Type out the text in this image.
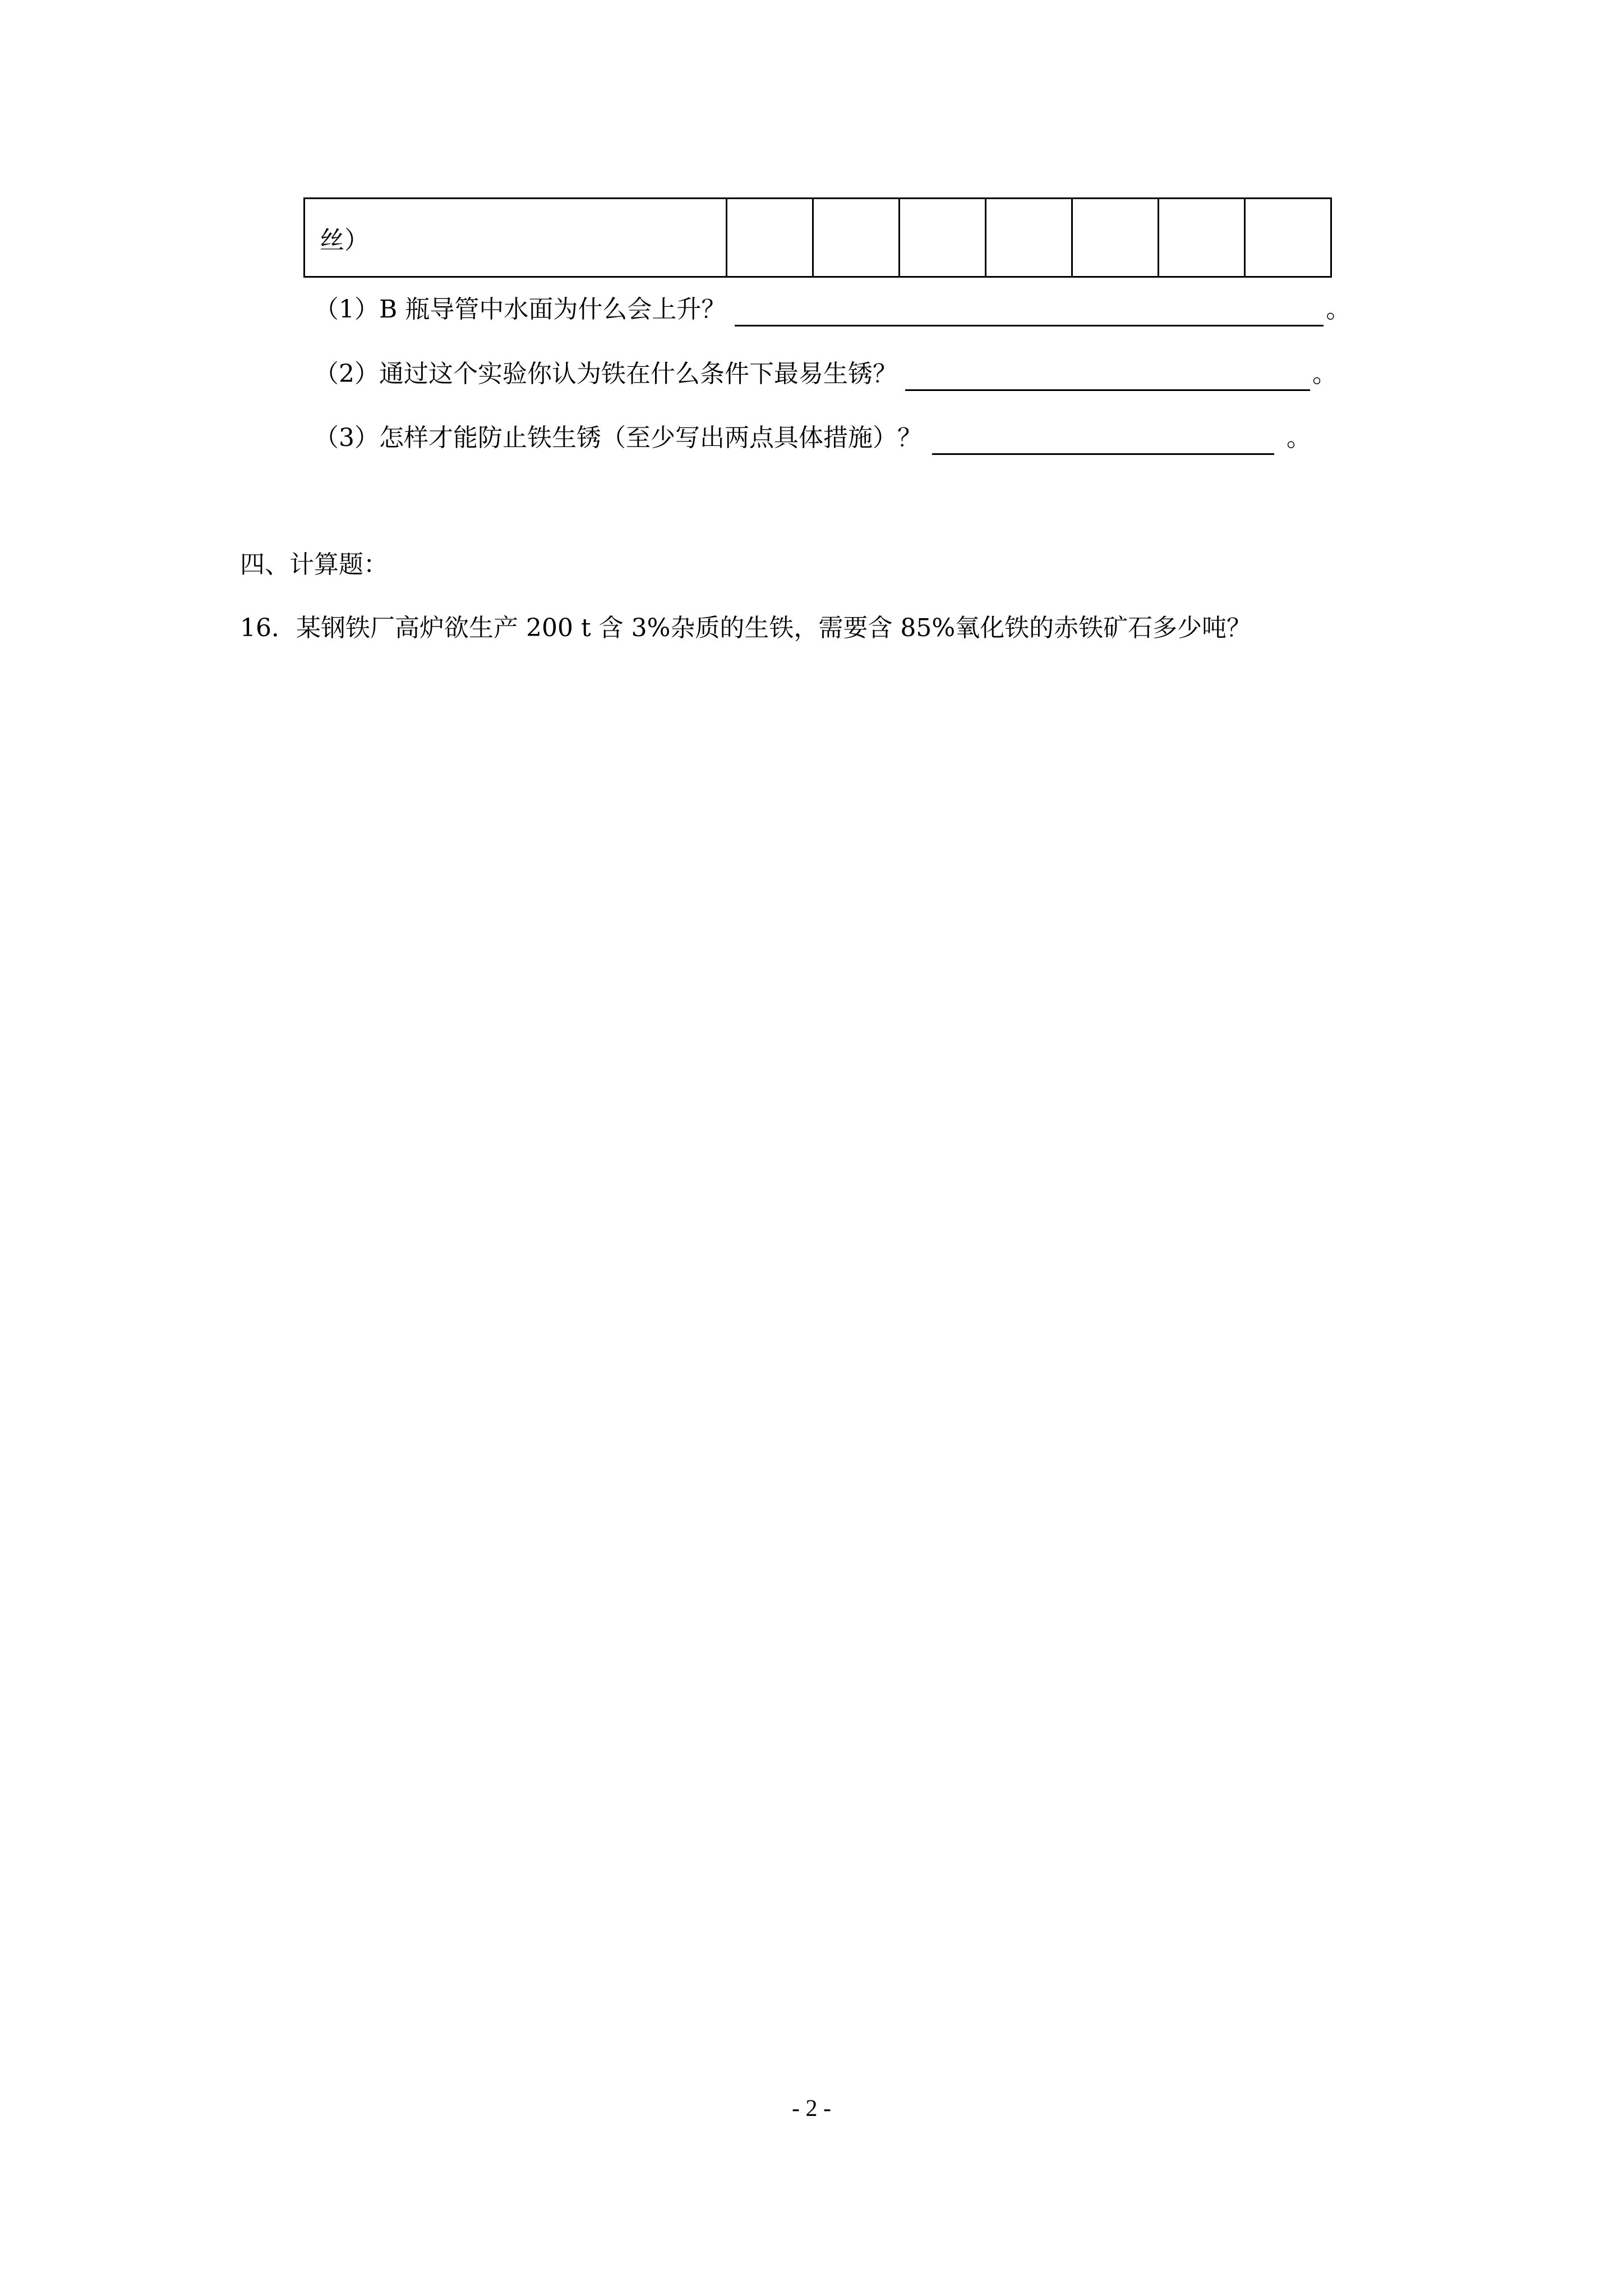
丝）							
（1）B 瓶导管中水面为什么会上升？	。
（2）通过这个实验你认为铁在什么条件下最易生锈？	。
（3）怎样才能防止铁生锈（至少写出两点具体措施）？	。
四、计算题：
16．某钢铁厂高炉欲生产 200 t 含 3%杂质的生铁，需要含 85%氧化铁的赤铁矿石多少吨？
- 2 -
